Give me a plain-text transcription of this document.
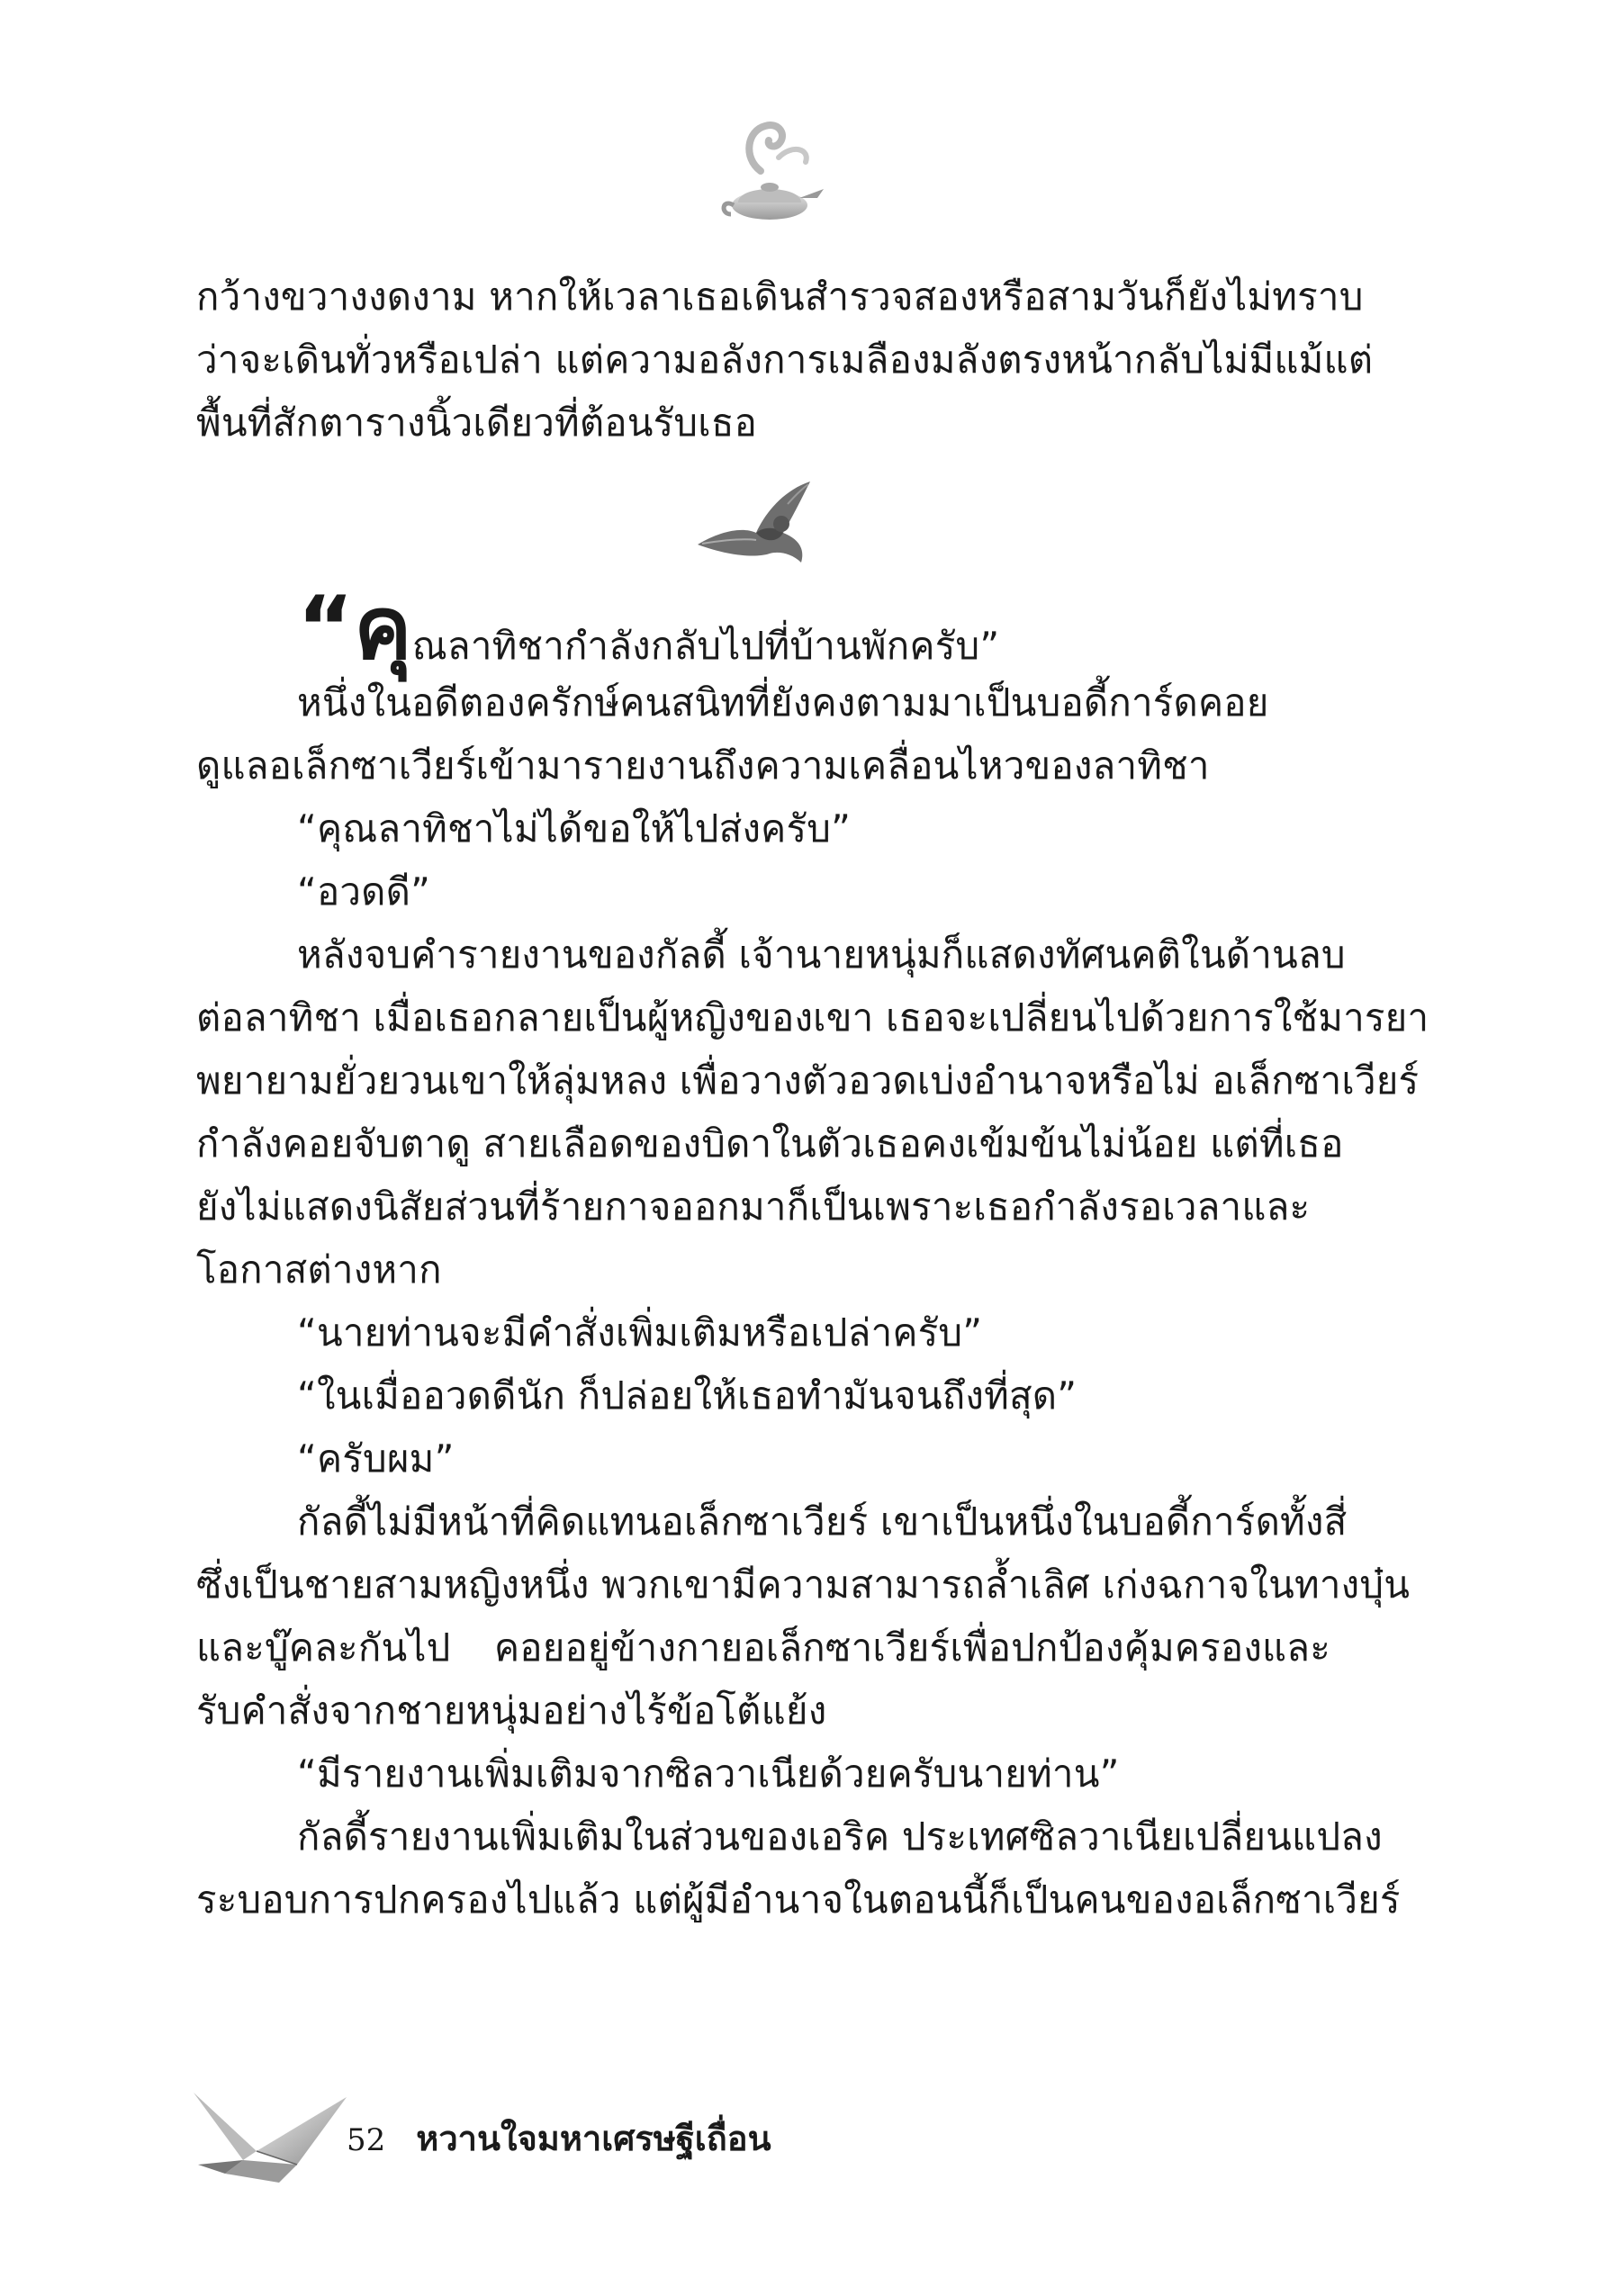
กว้างขวางงดงาม หากให้เวลาเธอเดินสำรวจสองหรือสามวันก็ยังไม่ทราบ
ว่าจะเดินทั่วหรือเปล่า แต่ความอลังการเมลืองมลังตรงหน้ากลับไม่มีแม้แต่
พื้นที่สักตารางนิ้วเดียวที่ต้อนรับเธอ
“คุณลาทิชากำลังกลับไปที่บ้านพักครับ”
หนึ่งในอดีตองครักษ์คนสนิทที่ยังคงตามมาเป็นบอดี้การ์ดคอย
ดูแลอเล็กซาเวียร์เข้ามารายงานถึงความเคลื่อนไหวของลาทิชา
“คุณลาทิชาไม่ได้ขอให้ไปส่งครับ”
“อวดดี”
หลังจบคำรายงานของกัลดี้ เจ้านายหนุ่มก็แสดงทัศนคติในด้านลบ
ต่อลาทิชา เมื่อเธอกลายเป็นผู้หญิงของเขา เธอจะเปลี่ยนไปด้วยการใช้มารยา
พยายามยั่วยวนเขาให้ลุ่มหลง เพื่อวางตัวอวดเบ่งอำนาจหรือไม่ อเล็กซาเวียร์
กำลังคอยจับตาดู สายเลือดของบิดาในตัวเธอคงเข้มข้นไม่น้อย แต่ที่เธอ
ยังไม่แสดงนิสัยส่วนที่ร้ายกาจออกมาก็เป็นเพราะเธอกำลังรอเวลาและ
โอกาสต่างหาก
“นายท่านจะมีคำสั่งเพิ่มเติมหรือเปล่าครับ”
“ในเมื่ออวดดีนัก ก็ปล่อยให้เธอทำมันจนถึงที่สุด”
“ครับผม”
กัลดี้ไม่มีหน้าที่คิดแทนอเล็กซาเวียร์ เขาเป็นหนึ่งในบอดี้การ์ดทั้งสี่
ซึ่งเป็นชายสามหญิงหนึ่ง พวกเขามีความสามารถล้ำเลิศ เก่งฉกาจในทางบุ๋น
และบู๊คละกันไป คอยอยู่ข้างกายอเล็กซาเวียร์เพื่อปกป้องคุ้มครองและ
รับคำสั่งจากชายหนุ่มอย่างไร้ข้อโต้แย้ง
“มีรายงานเพิ่มเติมจากซิลวาเนียด้วยครับนายท่าน”
กัลดี้รายงานเพิ่มเติมในส่วนของเอริค ประเทศซิลวาเนียเปลี่ยนแปลง
ระบอบการปกครองไปแล้ว แต่ผู้มีอำนาจในตอนนี้ก็เป็นคนของอเล็กซาเวียร์
52 หวานใจมหาเศรษฐีเถื่อน
